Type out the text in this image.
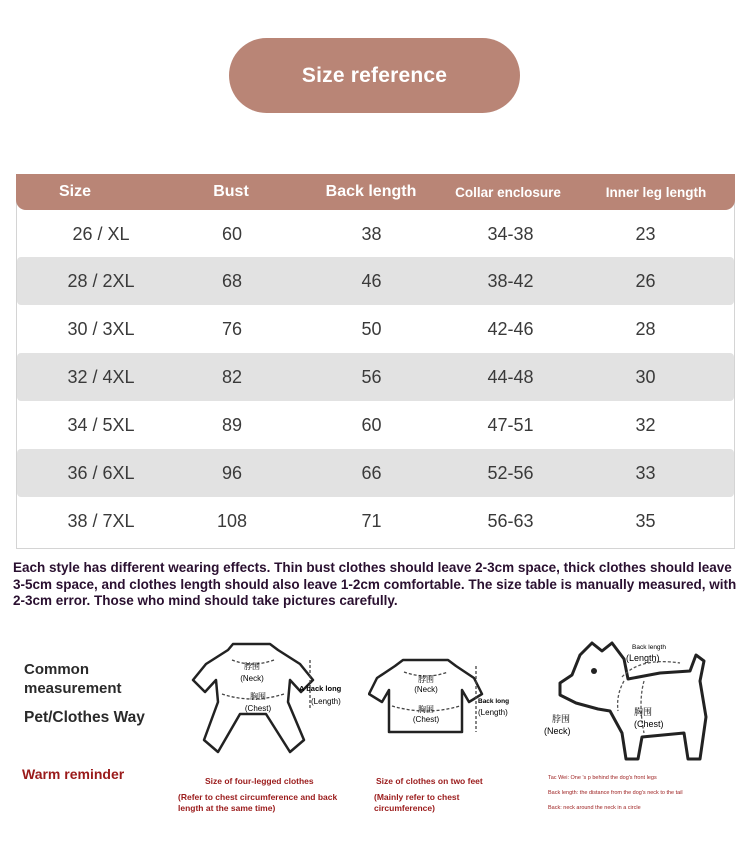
Size reference
Size	Bust	Back length	Collar enclosure	Inner leg length
26 / XL	60	38	34-38	23
28 / 2XL	68	46	38-42	26
30 / 3XL	76	50	42-46	28
32 / 4XL	82	56	44-48	30
34 / 5XL	89	60	47-51	32
36 / 6XL	96	66	52-56	33
38 / 7XL	108	71	56-63	35
Each style has different wearing effects. Thin bust clothes should leave 2-3cm space, thick clothes should leave 3-5cm space, and clothes length should also leave 1-2cm comfortable. The size table is manually measured, with 2-3cm error. Those who mind should take pictures carefully.
Common
measurement
Pet/Clothes Way
Warm reminder
脖围
(Neck)
胸围
(Chest)
A back long
(Length)
Size of four-legged clothes
(Refer to chest circumference and back length at the same time)
脖围
(Neck)
胸围
(Chest)
Back long
(Length)
Size of clothes on two feet
(Mainly refer to chest circumference)
Back length
(Length)
胸围
(Chest)
脖围
(Neck)
Tac Wei: One 's p behind the dog's front legs
Back length: the distance from the dog's neck to the tail
Back: neck around the neck in a circle
